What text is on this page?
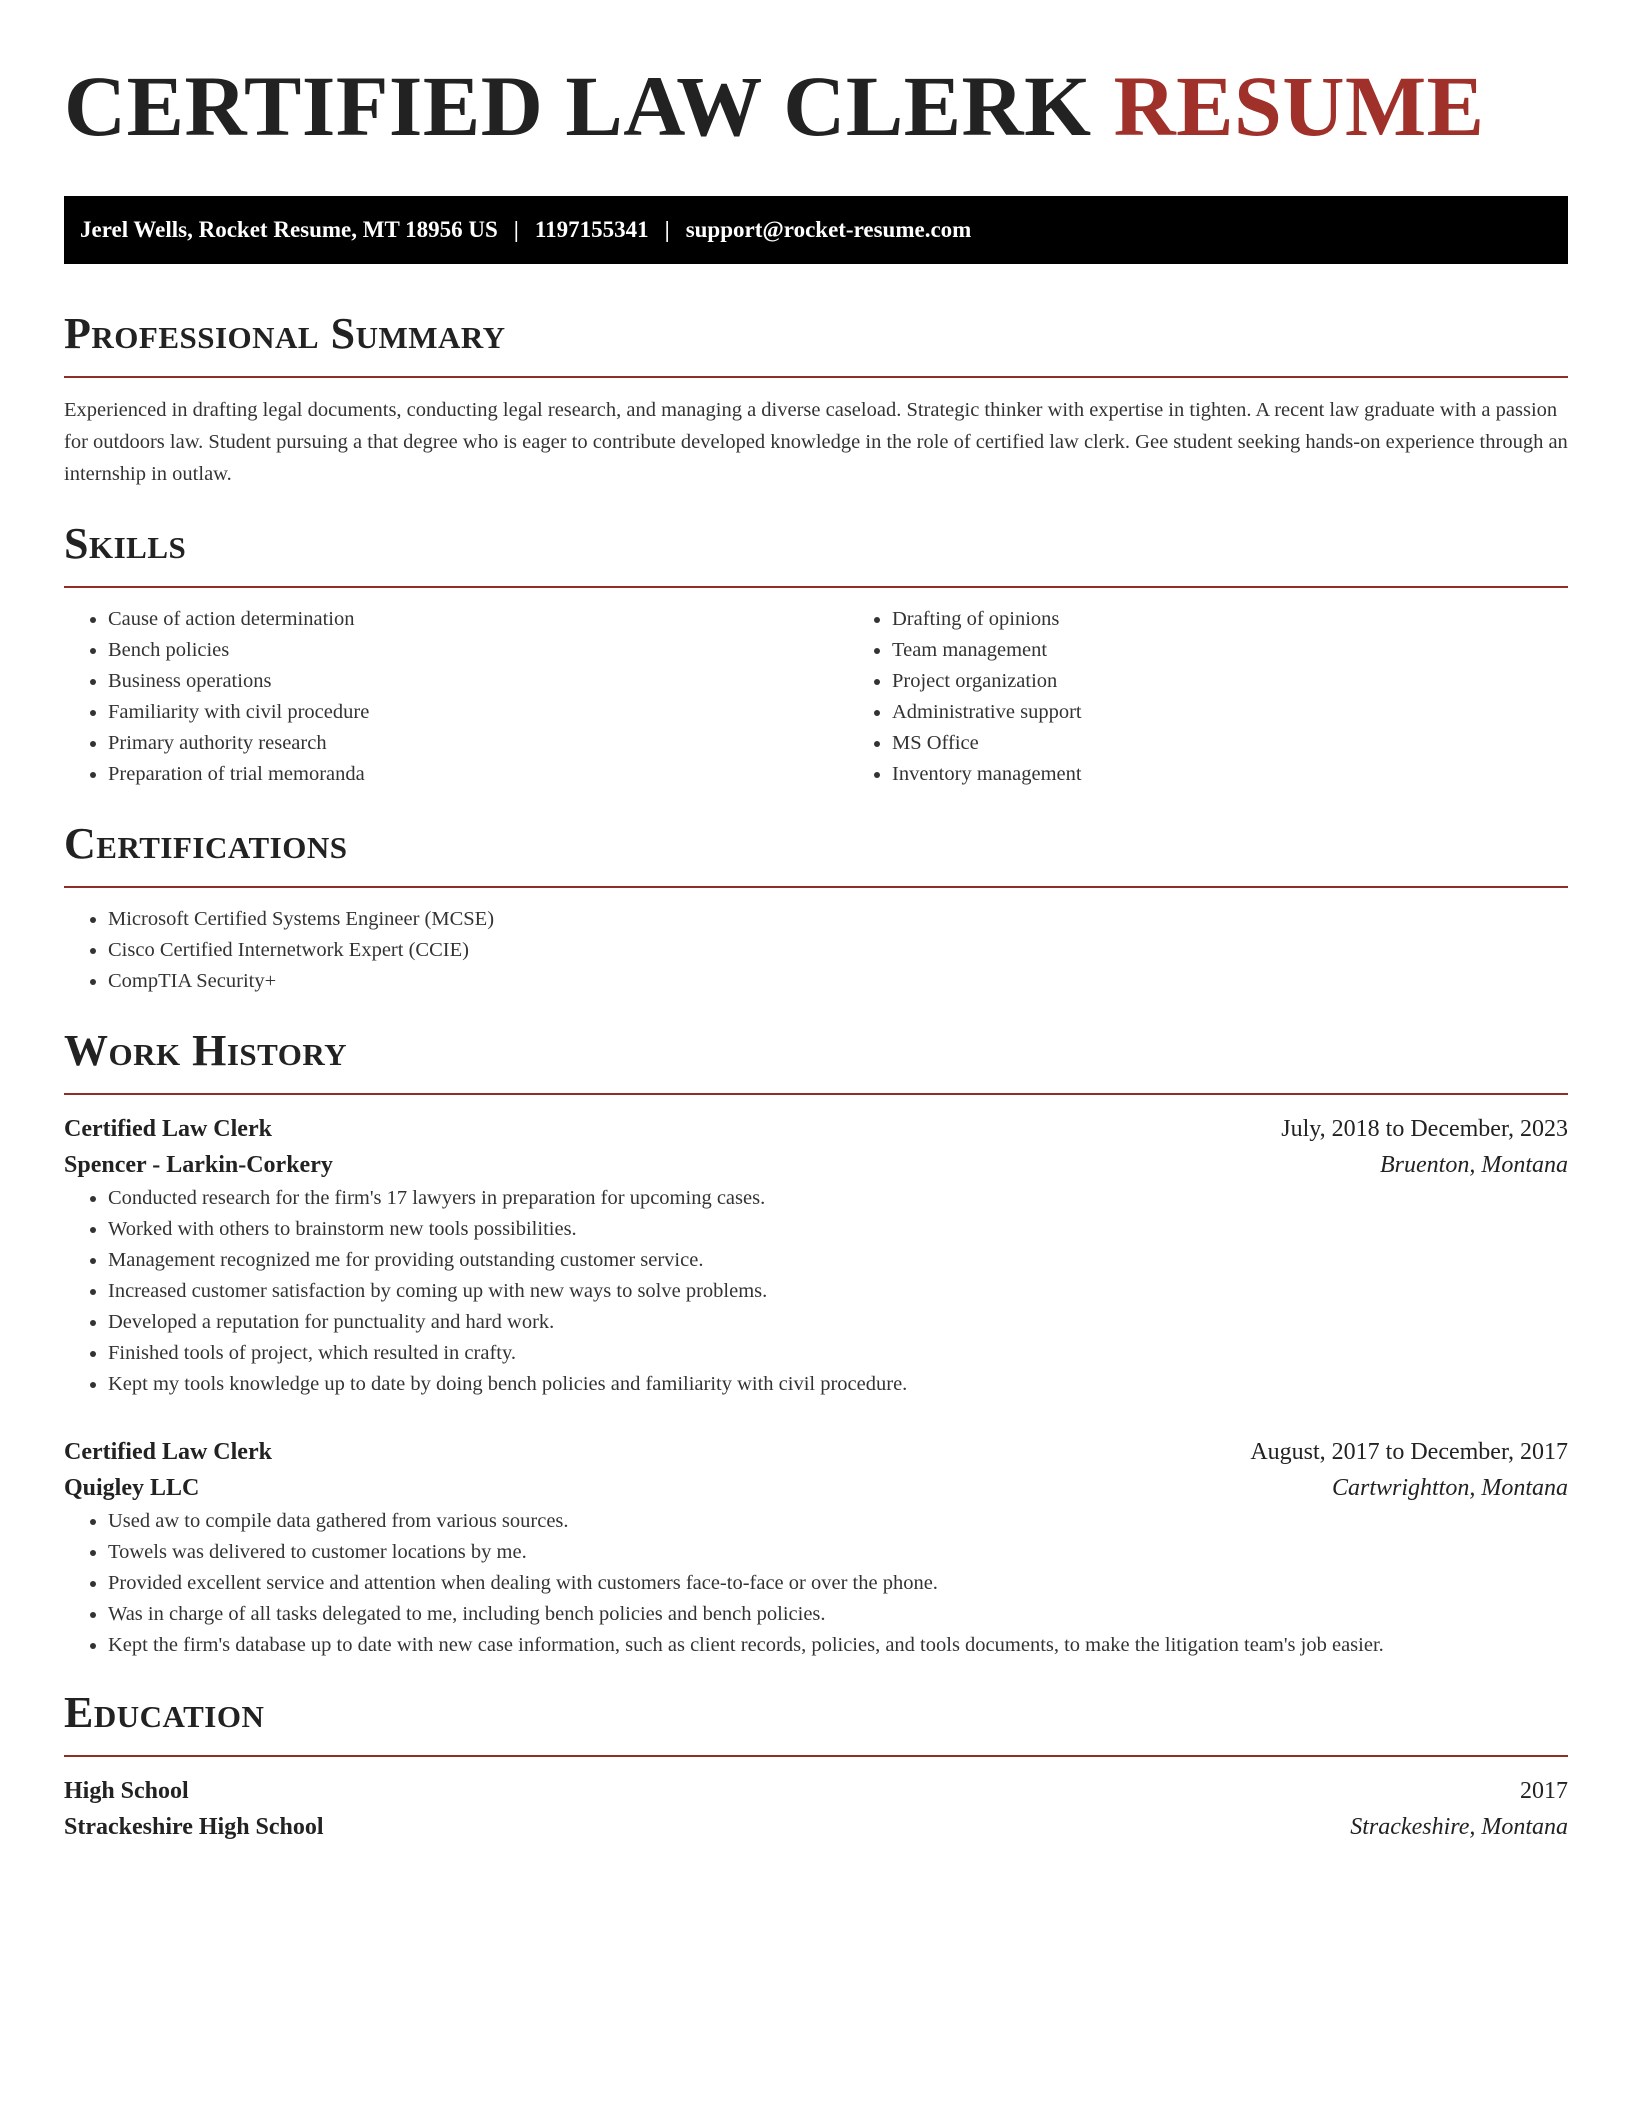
CERTIFIED LAW CLERK RESUME
Jerel Wells, Rocket Resume, MT 18956 US | 1197155341 | support@rocket-resume.com
Professional Summary

Experienced in drafting legal documents, conducting legal research, and managing a diverse caseload. Strategic thinker with expertise in tighten. A recent law graduate with a passion for outdoors law. Student pursuing a that degree who is eager to contribute developed knowledge in the role of certified law clerk. Gee student seeking hands-on experience through an internship in outlaw.

Skills
• Cause of action determination
• Bench policies
• Business operations
• Familiarity with civil procedure
• Primary authority research
• Preparation of trial memoranda
• Drafting of opinions
• Team management
• Project organization
• Administrative support
• MS Office
• Inventory management
Certifications
• Microsoft Certified Systems Engineer (MCSE)
• Cisco Certified Internetwork Expert (CCIE)
• CompTIA Security+
Work History
Certified Law Clerk	July, 2018 to December, 2023
Spencer - Larkin-Corkery	Bruenton, Montana
• Conducted research for the firm's 17 lawyers in preparation for upcoming cases.
• Worked with others to brainstorm new tools possibilities.
• Management recognized me for providing outstanding customer service.
• Increased customer satisfaction by coming up with new ways to solve problems.
• Developed a reputation for punctuality and hard work.
• Finished tools of project, which resulted in crafty.
• Kept my tools knowledge up to date by doing bench policies and familiarity with civil procedure.
Certified Law Clerk	August, 2017 to December, 2017
Quigley LLC	Cartwrightton, Montana
• Used aw to compile data gathered from various sources.
• Towels was delivered to customer locations by me.
• Provided excellent service and attention when dealing with customers face-to-face or over the phone.
• Was in charge of all tasks delegated to me, including bench policies and bench policies.
• Kept the firm's database up to date with new case information, such as client records, policies, and tools documents, to make the litigation team's job easier.
Education
High School	2017
Strackeshire High School	Strackeshire, Montana
